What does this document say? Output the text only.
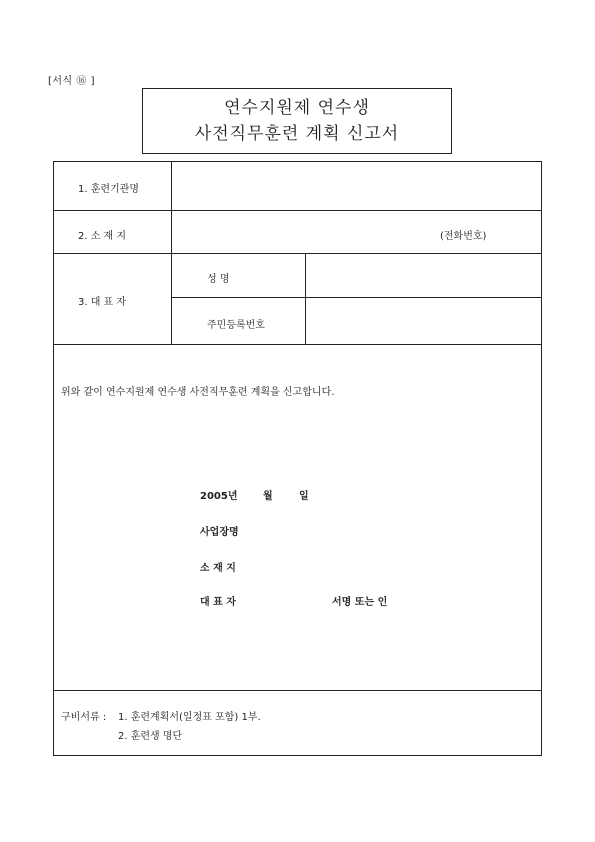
[서식 ⑯ ]
연수지원제 연수생
사전직무훈련 계획 신고서
1. 훈련기관명
2. 소 재 지	(전화번호)
3. 대 표 자
성 명
주민등록번호
위와 같이 연수지원제 연수생 사전직무훈련 계획을 신고합니다.
2005년	월	일
사업장명
소 재 지
대 표 자	서명 또는 인
구비서류 : 1. 훈련계획서(일정표 포함) 1부.
2. 훈련생 명단
